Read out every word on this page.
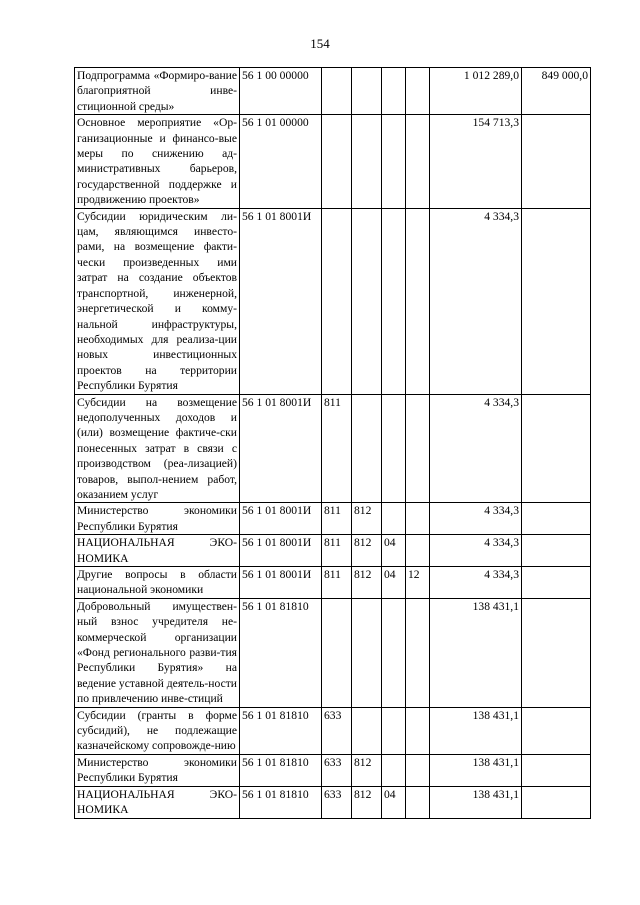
154
Подпрограмма «Формиро-вание благоприятной инве-стиционной среды»	56 1 00 00000					1 012 289,0	849 000,0
Основное мероприятие «Ор-ганизационные и финансо-вые меры по снижению ад-министративных барьеров, государственной поддержке и продвижению проектов»	56 1 01 00000					154 713,3	
Субсидии юридическим ли-цам, являющимся инвесто-рами, на возмещение факти-чески произведенных ими затрат на создание объектов транспортной, инженерной, энергетической и комму-нальной инфраструктуры, необходимых для реализа-ции новых инвестиционных проектов на территории Республики Бурятия	56 1 01 8001И					4 334,3	
Субсидии на возмещение недополученных доходов и (или) возмещение фактиче-ски понесенных затрат в связи с производством (реа-лизацией) товаров, выпол-нением работ, оказанием услуг	56 1 01 8001И	811				4 334,3	
Министерство экономики Республики Бурятия	56 1 01 8001И	811	812			4 334,3	
НАЦИОНАЛЬНАЯ ЭКО-НОМИКА	56 1 01 8001И	811	812	04		4 334,3	
Другие вопросы в области национальной экономики	56 1 01 8001И	811	812	04	12	4 334,3	
Добровольный имуществен-ный взнос учредителя не-коммерческой организации «Фонд регионального разви-тия Республики Бурятия» на ведение уставной деятель-ности по привлечению инве-стиций	56 1 01 81810					138 431,1	
Субсидии (гранты в форме субсидий), не подлежащие казначейскому сопровожде-нию	56 1 01 81810	633				138 431,1	
Министерство экономики Республики Бурятия	56 1 01 81810	633	812			138 431,1	
НАЦИОНАЛЬНАЯ ЭКО-НОМИКА	56 1 01 81810	633	812	04		138 431,1	
